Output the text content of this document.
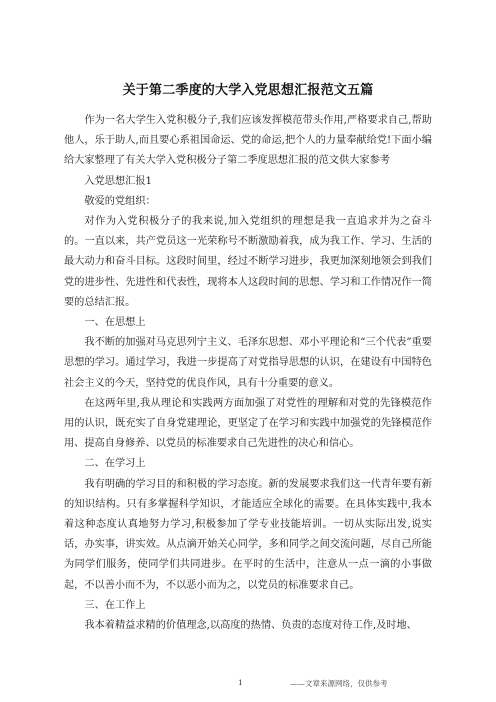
关于第二季度的大学入党思想汇报范文五篇

作为一名大学生入党积极分子,我们应该发挥模范带头作用,严格要求自己,帮助他人，乐于助人,而且要心系祖国命运、党的命运,把个人的力量奉献给党!下面小编给大家整理了有关大学入党积极分子第二季度思想汇报的范文供大家参考

入党思想汇报1

敬爱的党组织：

对作为入党积极分子的我来说,加入党组织的理想是我一直追求并为之奋斗的。一直以来，共产党员这一光荣称号不断激励着我，成为我工作、学习、生活的最大动力和奋斗目标。这段时间里，经过不断学习进步，我更加深刻地领会到我们党的进步性、先进性和代表性，现将本人这段时间的思想、学习和工作情况作一简要的总结汇报。

一、在思想上

我不断的加强对马克思列宁主义、毛泽东思想、邓小平理论和“三个代表”重要思想的学习。通过学习，我进一步提高了对党指导思想的认识，在建设有中国特色社会主义的今天，坚持党的优良作风，具有十分重要的意义。

在这两年里,我从理论和实践两方面加强了对党性的理解和对党的先锋模范作用的认识，既充实了自身党建理论，更坚定了在学习和实践中加强党的先锋模范作用、提高自身修养、以党员的标准要求自己先进性的决心和信心。

二、在学习上

我有明确的学习目的和积极的学习态度。新的发展要求我们这一代青年要有新的知识结构。只有多掌握科学知识，才能适应全球化的需要。在具体实践中,我本着这种态度认真地努力学习,积极参加了学专业技能培训。一切从实际出发,说实话，办实事，讲实效。从点滴开始关心同学，多和同学之间交流问题，尽自己所能为同学们服务，使同学们共同进步。在平时的生活中，注意从一点一滴的小事做起，不以善小而不为，不以恶小而为之，以党员的标准要求自己。

三、在工作上

我本着精益求精的价值理念,以高度的热情、负责的态度对待工作,及时地、

1	——文章来源网络，仅供参考
